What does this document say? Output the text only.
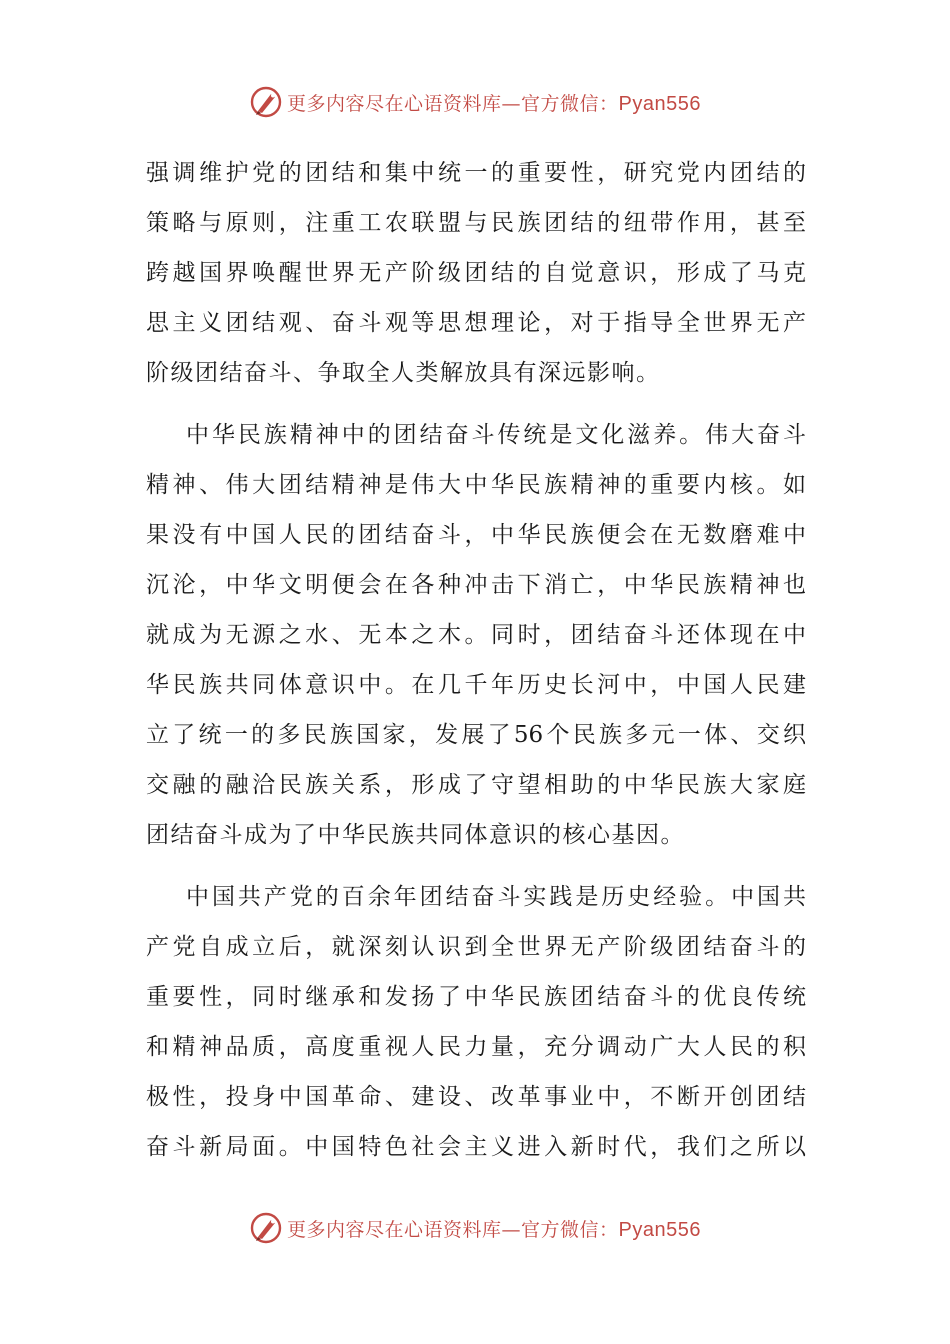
更多内容尽在心语资料库—官方微信：Pyan556
强调维护党的团结和集中统一的重要性，研究党内团结的
策略与原则，注重工农联盟与民族团结的纽带作用，甚至
跨越国界唤醒世界无产阶级团结的自觉意识，形成了马克
思主义团结观、奋斗观等思想理论，对于指导全世界无产
阶级团结奋斗、争取全人类解放具有深远影响。
中华民族精神中的团结奋斗传统是文化滋养。伟大奋斗
精神、伟大团结精神是伟大中华民族精神的重要内核。如
果没有中国人民的团结奋斗，中华民族便会在无数磨难中
沉沦，中华文明便会在各种冲击下消亡，中华民族精神也
就成为无源之水、无本之木。同时，团结奋斗还体现在中
华民族共同体意识中。在几千年历史长河中，中国人民建
立了统一的多民族国家，发展了56个民族多元一体、交织
交融的融洽民族关系，形成了守望相助的中华民族大家庭
团结奋斗成为了中华民族共同体意识的核心基因。
中国共产党的百余年团结奋斗实践是历史经验。中国共
产党自成立后，就深刻认识到全世界无产阶级团结奋斗的
重要性，同时继承和发扬了中华民族团结奋斗的优良传统
和精神品质，高度重视人民力量，充分调动广大人民的积
极性，投身中国革命、建设、改革事业中，不断开创团结
奋斗新局面。中国特色社会主义进入新时代，我们之所以
更多内容尽在心语资料库—官方微信：Pyan556
